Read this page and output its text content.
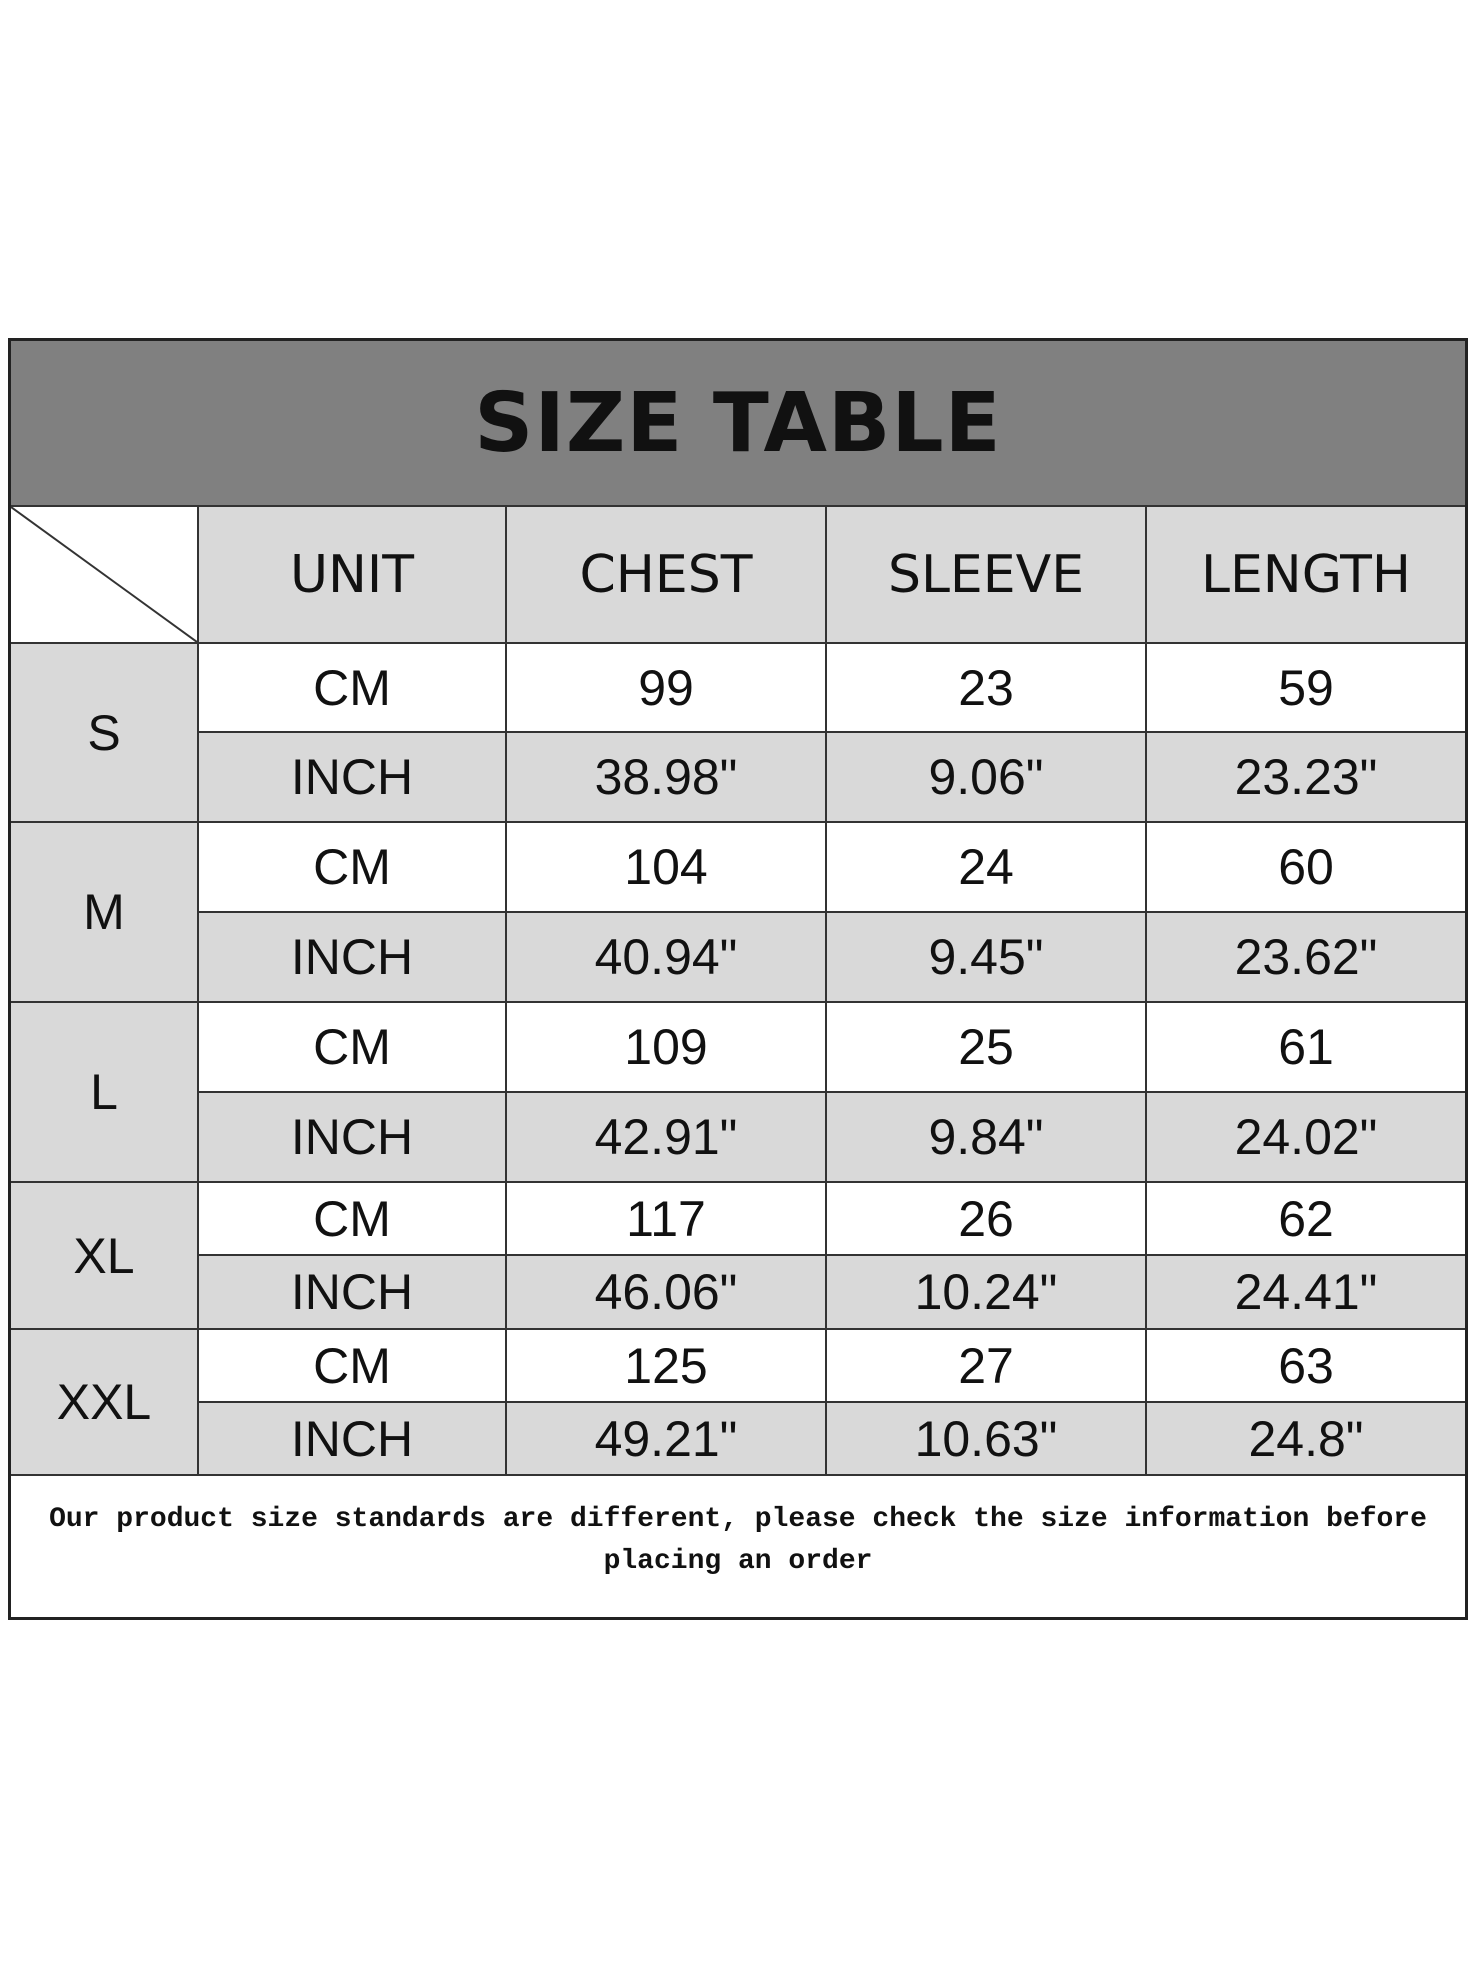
SIZE TABLE
	UNIT	CHEST	SLEEVE	LENGTH
S	CM	99	23	59
	INCH	38.98"	9.06"	23.23"
M	CM	104	24	60
	INCH	40.94"	9.45"	23.62"
L	CM	109	25	61
	INCH	42.91"	9.84"	24.02"
XL	CM	117	26	62
	INCH	46.06"	10.24"	24.41"
XXL	CM	125	27	63
	INCH	49.21"	10.63"	24.8"
Our product size standards are different, please check the size information before placing an order
